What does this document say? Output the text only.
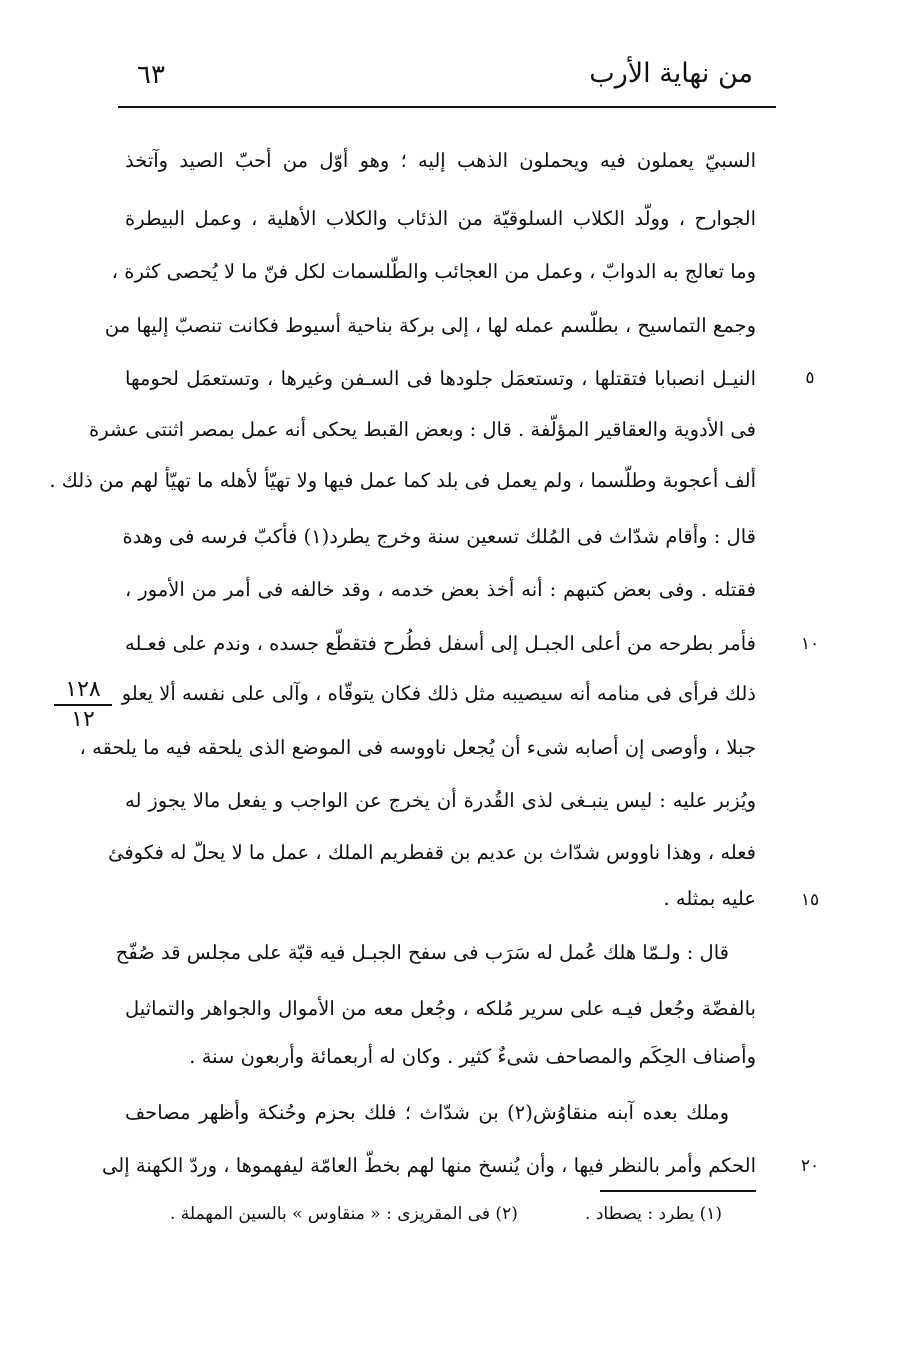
٦٣	من نهاية الأرب
السبيّ يعملون فيه ويحملون الذهب إليه ؛ وهو أوّل من أحبّ الصيد وآتخذ
الجوارح ، وولّد الكلاب السلوقيّة من الذئاب والكلاب الأهلية ، وعمل البيطرة
وما تعالج به الدوابّ ، وعمل من العجائب والطّلسمات لكل فنّ ما لا يُحصى كثرة ،
وجمع التماسيح ، بطلّسم عمله لها ، إلى بركة بناحية أسيوط فكانت تنصبّ إليها من
النيـل انصبابا فتقتلها ، وتستعمَل جلودها فى السـفن وغيرها ، وتستعمَل لحومها
فى الأدوية والعقاقير المؤلّفة . قال : وبعض القبط يحكى أنه عمل بمصر اثنتى عشرة
ألف أعجوبة وطلّسما ، ولم يعمل فى بلد كما عمل فيها ولا تهيّأ لأهله ما تهيّأ لهم من ذلك .
قال : وأقام شدّاث فى المُلك تسعين سنة وخرج يطرد(١) فأكبّ فرسه فى وهدة
فقتله . وفى بعض كتبهم : أنه أخذ بعض خدمه ، وقد خالفه فى أمر من الأمور ،
فأمر بطرحه من أعلى الجبـل إلى أسفل فطُرح فتقطّع جسده ، وندم على فعـله
ذلك فرأى فى منامه أنه سيصيبه مثل ذلك فكان يتوقّاه ، وآلى على نفسه ألا يعلو
جبلا ، وأوصى إن أصابه شىء أن يُجعل ناووسه فى الموضع الذى يلحقه فيه ما يلحقه ،
ويُزبر عليه : ليس ينبـغى لذى القُدرة أن يخرج عن الواجب و يفعل مالا يجوز له
فعله ، وهذا ناووس شدّاث بن عديم بن قفطريم الملك ، عمل ما لا يحلّ له فكوفئ
عليه بمثله .
قال : ولـمّا هلك عُمل له سَرَب فى سفح الجبـل فيه قبّة على مجلس قد صُفّح
بالفضّة وجُعل فيـه على سرير مُلكه ، وجُعل معه من الأموال والجواهر والتماثيل
وأصناف الحِكَم والمصاحف شىءٌ كثير . وكان له أربعمائة وأربعون سنة .
وملك بعده آبنه منقاوُش(٢) بن شدّاث ؛ فلك بحزم وحُنكة وأظهر مصاحف
الحكم وأمر بالنظر فيها ، وأن يُنسخ منها لهم بخطّ العامّة ليفهموها ، وردّ الكهنة إلى
٥
١٠
١٥
٢٠
١٢٨
١٢
(١) يطرد : يصطاد .
(٢) فى المقريزى : « منقاوس » بالسين المهملة .
